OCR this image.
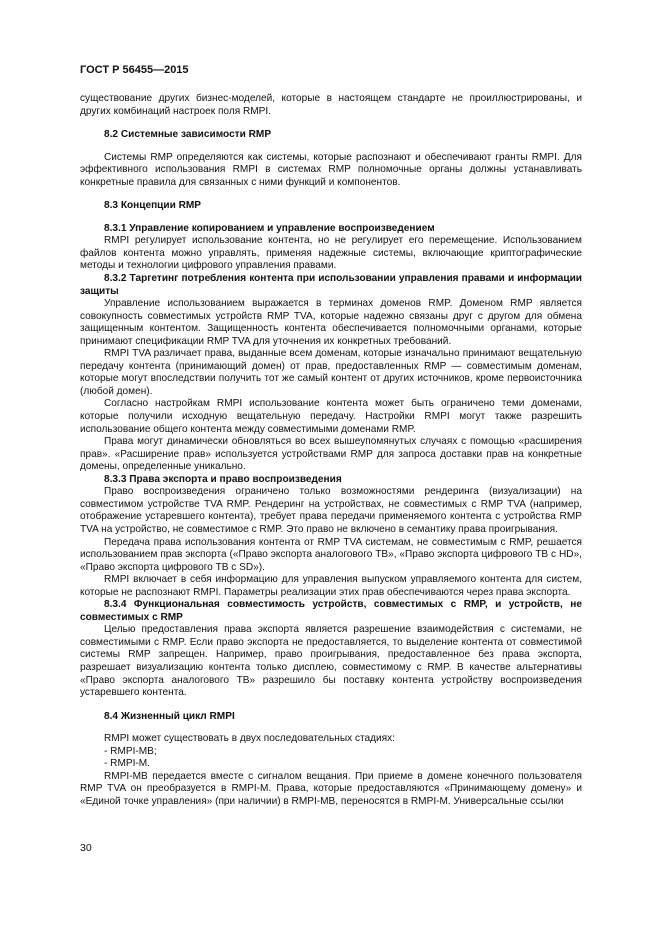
ГОСТ Р 56455—2015

существование других бизнес-моделей, которые в настоящем стандарте не проиллюстрированы, и других комбинаций настроек поля RMPI.

8.2 Системные зависимости RMP

Системы RMP определяются как системы, которые распознают и обеспечивают гранты RMPI. Для эффективного использования RMPI в системах RMP полномочные органы должны устанавливать конкретные правила для связанных с ними функций и компонентов.

8.3 Концепции RMP

8.3.1 Управление копированием и управление воспроизведением

RMPI регулирует использование контента, но не регулирует его перемещение. Использованием файлов контента можно управлять, применяя надежные системы, включающие криптографические методы и технологии цифрового управления правами.

8.3.2 Таргетинг потребления контента при использовании управления правами и информации защиты

Управление использованием выражается в терминах доменов RMP. Доменом RMP является совокупность совместимых устройств RMP TVA, которые надежно связаны друг с другом для обмена защищенным контентом. Защищенность контента обеспечивается полномочными органами, которые принимают спецификации RMP TVA для уточнения их конкретных требований.

RMPI TVA различает права, выданные всем доменам, которые изначально принимают вещательную передачу контента (принимающий домен) от прав, предоставленных RMP — совместимым доменам, которые могут впоследствии получить тот же самый контент от других источников, кроме первоисточника (любой домен).

Согласно настройкам RMPI использование контента может быть ограничено теми доменами, которые получили исходную вещательную передачу. Настройки RMPI могут также разрешить использование общего контента между совместимыми доменами RMP.

Права могут динамически обновляться во всех вышеупомянутых случаях с помощью «расширения прав». «Расширение прав» используется устройствами RMP для запроса доставки прав на конкретные домены, определенные уникально.

8.3.3 Права экспорта и право воспроизведения

Право воспроизведения ограничено только возможностями рендеринга (визуализации) на совместимом устройстве TVA RMP. Рендеринг на устройствах, не совместимых с RMP TVA (например, отображение устаревшего контента), требует права передачи применяемого контента с устройства RMP TVA на устройство, не совместимое с RMP. Это право не включено в семантику права проигрывания.

Передача права использования контента от RMP TVA системам, не совместимым с RMP, решается использованием прав экспорта («Право экспорта аналогового ТВ», «Право экспорта цифрового ТВ с HD», «Право экспорта цифрового ТВ с SD»).

RMPI включает в себя информацию для управления выпуском управляемого контента для систем, которые не распознают RMPI. Параметры реализации этих прав обеспечиваются через права экспорта.

8.3.4 Функциональная совместимость устройств, совместимых с RMP, и устройств, не совместимых с RMP

Целью предоставления права экспорта является разрешение взаимодействия с системами, не совместимыми с RMP. Если право экспорта не предоставляется, то выделение контента от совместимой системы RMP запрещен. Например, право проигрывания, предоставленное без права экспорта, разрешает визуализацию контента только дисплею, совместимому с RMP. В качестве альтернативы «Право экспорта аналогового ТВ» разрешило бы поставку контента устройству воспроизведения устаревшего контента.

8.4 Жизненный цикл RMPI

RMPI может существовать в двух последовательных стадиях:

- RMPI-MB;

- RMPI-M.

RMPI-MB передается вместе с сигналом вещания. При приеме в домене конечного пользователя RMP TVA он преобразуется в RMPI-M. Права, которые предоставляются «Принимающему домену» и «Единой точке управления» (при наличии) в RMPI-MB, переносятся в RMPI-M. Универсальные ссылки

30
